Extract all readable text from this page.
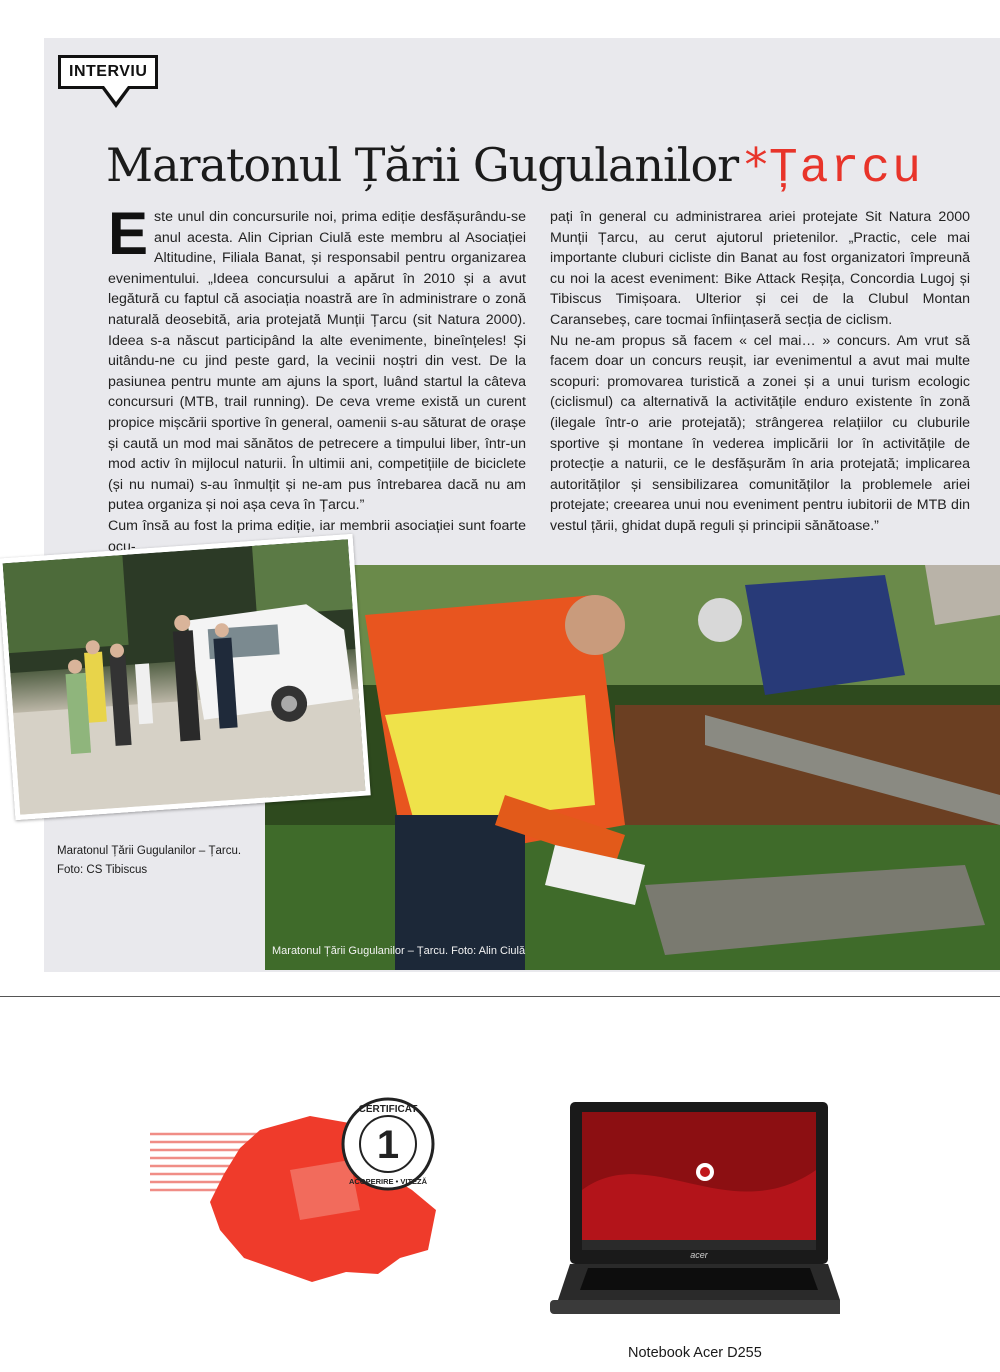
INTERVIU
Maratonul Țării Gugulanilor*Țarcu
E ste unul din concursurile noi, prima ediție desfășurându-se anul acesta. Alin Ciprian Ciulă este membru al Asociației Altitudine, Filiala Banat, și responsabil pentru organizarea evenimentului. „Ideea concursului a apărut în 2010 și a avut legătură cu faptul că asociația noastră are în administrare o zonă naturală deosebită, aria protejată Munții Țarcu (sit Natura 2000). Ideea s-a născut participând la alte evenimente, bineînțeles! Și uitându-ne cu jind peste gard, la vecinii noștri din vest. De la pasiunea pentru munte am ajuns la sport, luând startul la câteva concursuri (MTB, trail running). De ceva vreme există un curent propice mișcării sportive în general, oamenii s-au săturat de orașe și caută un mod mai sănătos de petrecere a timpului liber, într-un mod activ în mijlocul naturii. În ultimii ani, competițiile de biciclete (și nu numai) s-au înmulțit și ne-am pus întrebarea dacă nu am putea organiza și noi așa ceva în Țarcu.”

Cum însă au fost la prima ediție, iar membrii asociației sunt foarte ocu-

pați în general cu administrarea ariei protejate Sit Natura 2000 Munții Țarcu, au cerut ajutorul prietenilor. „Practic, cele mai importante cluburi cicliste din Banat au fost organizatori împreună cu noi la acest eveniment: Bike Attack Reșița, Concordia Lugoj și Tibiscus Timișoara. Ulterior și cei de la Clubul Montan Caransebeș, care tocmai înființaseră secția de ciclism.

Nu ne-am propus să facem « cel mai… » concurs. Am vrut să facem doar un concurs reușit, iar evenimentul a avut mai multe scopuri: promovarea turistică a zonei și a unui turism ecologic (ciclismul) ca alternativă la activitățile enduro existente în zonă (ilegale într-o arie protejată); strângerea relațiilor cu cluburile sportive și montane în vederea implicării lor în activitățile de protecție a naturii, ce le desfășurăm în aria protejată; implicarea autorităților și sensibilizarea comunităților la problemele ariei protejate; creearea unui nou eveniment pentru iubitorii de MTB din vestul țării, ghidat după reguli și principii sănătoase.”

Maratonul Țării Gugulanilor – Țarcu.
Foto: CS Tibiscus
Maratonul Țării Gugulanilor – Țarcu. Foto: Alin Ciulă
CERTIFICAT
1
ACOPERIRE • VITEZĂ
acer
Notebook Acer D255
